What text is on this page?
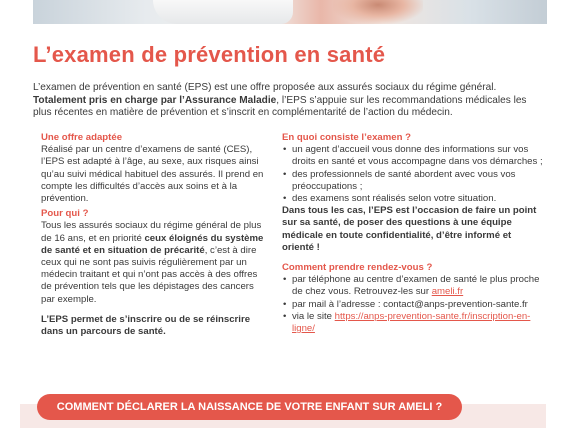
L’examen de prévention en santé
L’examen de prévention en santé (EPS) est une offre proposée aux assurés sociaux du régime général. Totalement pris en charge par l’Assurance Maladie, l’EPS s’appuie sur les recommandations médicales les plus récentes en matière de prévention et s’inscrit en complémentarité de l’action du médecin.
Une offre adaptée

Réalisé par un centre d’examens de santé (CES), l’EPS est adapté à l’âge, au sexe, aux risques ainsi qu’au suivi médical habituel des assurés. Il prend en compte les difficultés d’accès aux soins et à la prévention.

Pour qui ?

Tous les assurés sociaux du régime général de plus de 16 ans, et en priorité ceux éloignés du système de santé et en situation de précarité, c’est à dire ceux qui ne sont pas suivis régulièrement par un médecin traitant et qui n’ont pas accès à des offres de prévention tels que les dépistages des cancers par exemple.

L’EPS permet de s’inscrire ou de se réinscrire dans un parcours de santé.

En quoi consiste l’examen ?
• un agent d’accueil vous donne des informations sur vos droits en santé et vous accompagne dans vos démarches ;
• des professionnels de santé abordent avec vous vos préoccupations ;
• des examens sont réalisés selon votre situation.

Dans tous les cas, l’EPS est l’occasion de faire un point sur sa santé, de poser des questions à une équipe médicale en toute confidentialité, d’être informé et orienté !

Comment prendre rendez-vous ?
• par téléphone au centre d’examen de santé le plus proche de chez vous. Retrouvez-les sur ameli.fr
• par mail à l’adresse : contact@anps-prevention-sante.fr
• via le site https://anps-prevention-sante.fr/inscription-en-ligne/
COMMENT DÉCLARER LA NAISSANCE DE VOTRE ENFANT SUR AMELI ?
